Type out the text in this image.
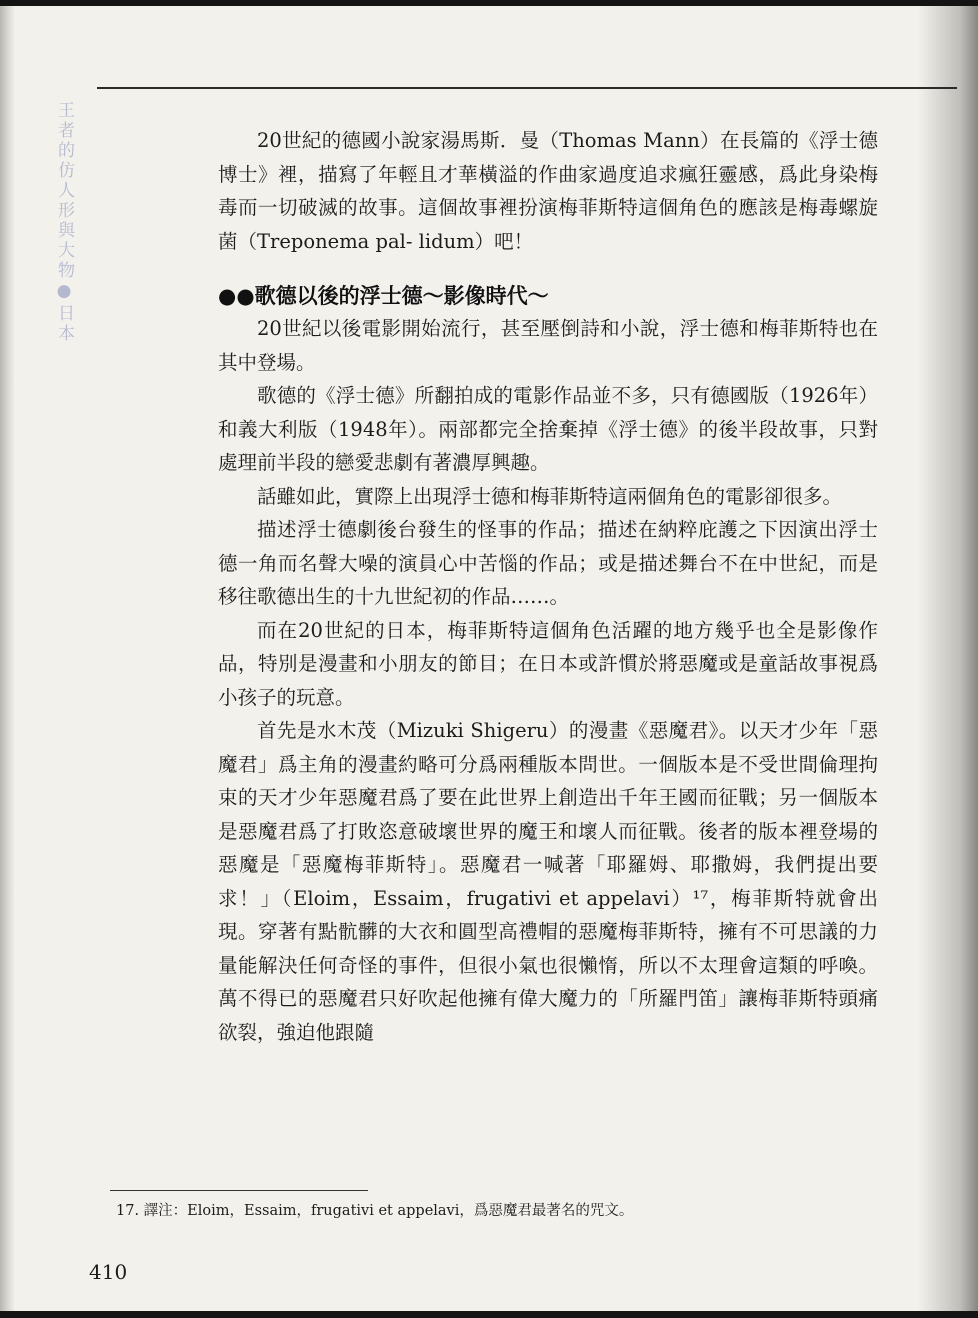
王者的仿人形與大物●日本	20世紀的德國小說家湯馬斯．曼（Thomas Mann）在長篇的《浮士德博士》裡，描寫了年輕且才華橫溢的作曲家過度追求瘋狂靈感，爲此身染梅毒而一切破滅的故事。這個故事裡扮演梅菲斯特這個角色的應該是梅毒螺旋菌（Treponema pal- lidum）吧！

●●歌德以後的浮士德～影像時代～

20世紀以後電影開始流行，甚至壓倒詩和小說，浮士德和梅菲斯特也在其中登場。

歌德的《浮士德》所翻拍成的電影作品並不多，只有德國版（1926年）和義大利版（1948年）。兩部都完全捨棄掉《浮士德》的後半段故事，只對處理前半段的戀愛悲劇有著濃厚興趣。

話雖如此，實際上出現浮士德和梅菲斯特這兩個角色的電影卻很多。

描述浮士德劇後台發生的怪事的作品；描述在納粹庇護之下因演出浮士德一角而名聲大噪的演員心中苦惱的作品；或是描述舞台不在中世紀，而是移往歌德出生的十九世紀初的作品……。

而在20世紀的日本，梅菲斯特這個角色活躍的地方幾乎也全是影像作品，特別是漫畫和小朋友的節目；在日本或許慣於將惡魔或是童話故事視爲小孩子的玩意。

首先是水木茂（Mizuki Shigeru）的漫畫《惡魔君》。以天才少年「惡魔君」爲主角的漫畫約略可分爲兩種版本問世。一個版本是不受世間倫理拘束的天才少年惡魔君爲了要在此世界上創造出千年王國而征戰；另一個版本是惡魔君爲了打敗恣意破壞世界的魔王和壞人而征戰。後者的版本裡登場的惡魔是「惡魔梅菲斯特」。惡魔君一喊著「耶羅姆、耶撒姆，我們提出要求！」（Eloim，Essaim，frugativi et appelavi）¹⁷，梅菲斯特就會出現。穿著有點骯髒的大衣和圓型高禮帽的惡魔梅菲斯特，擁有不可思議的力量能解決任何奇怪的事件，但很小氣也很懶惰，所以不太理會這類的呼喚。萬不得已的惡魔君只好吹起他擁有偉大魔力的「所羅門笛」讓梅菲斯特頭痛欲裂，強迫他跟隨

17. 譯注：Eloim，Essaim，frugativi et appelavi，爲惡魔君最著名的咒文。
410
